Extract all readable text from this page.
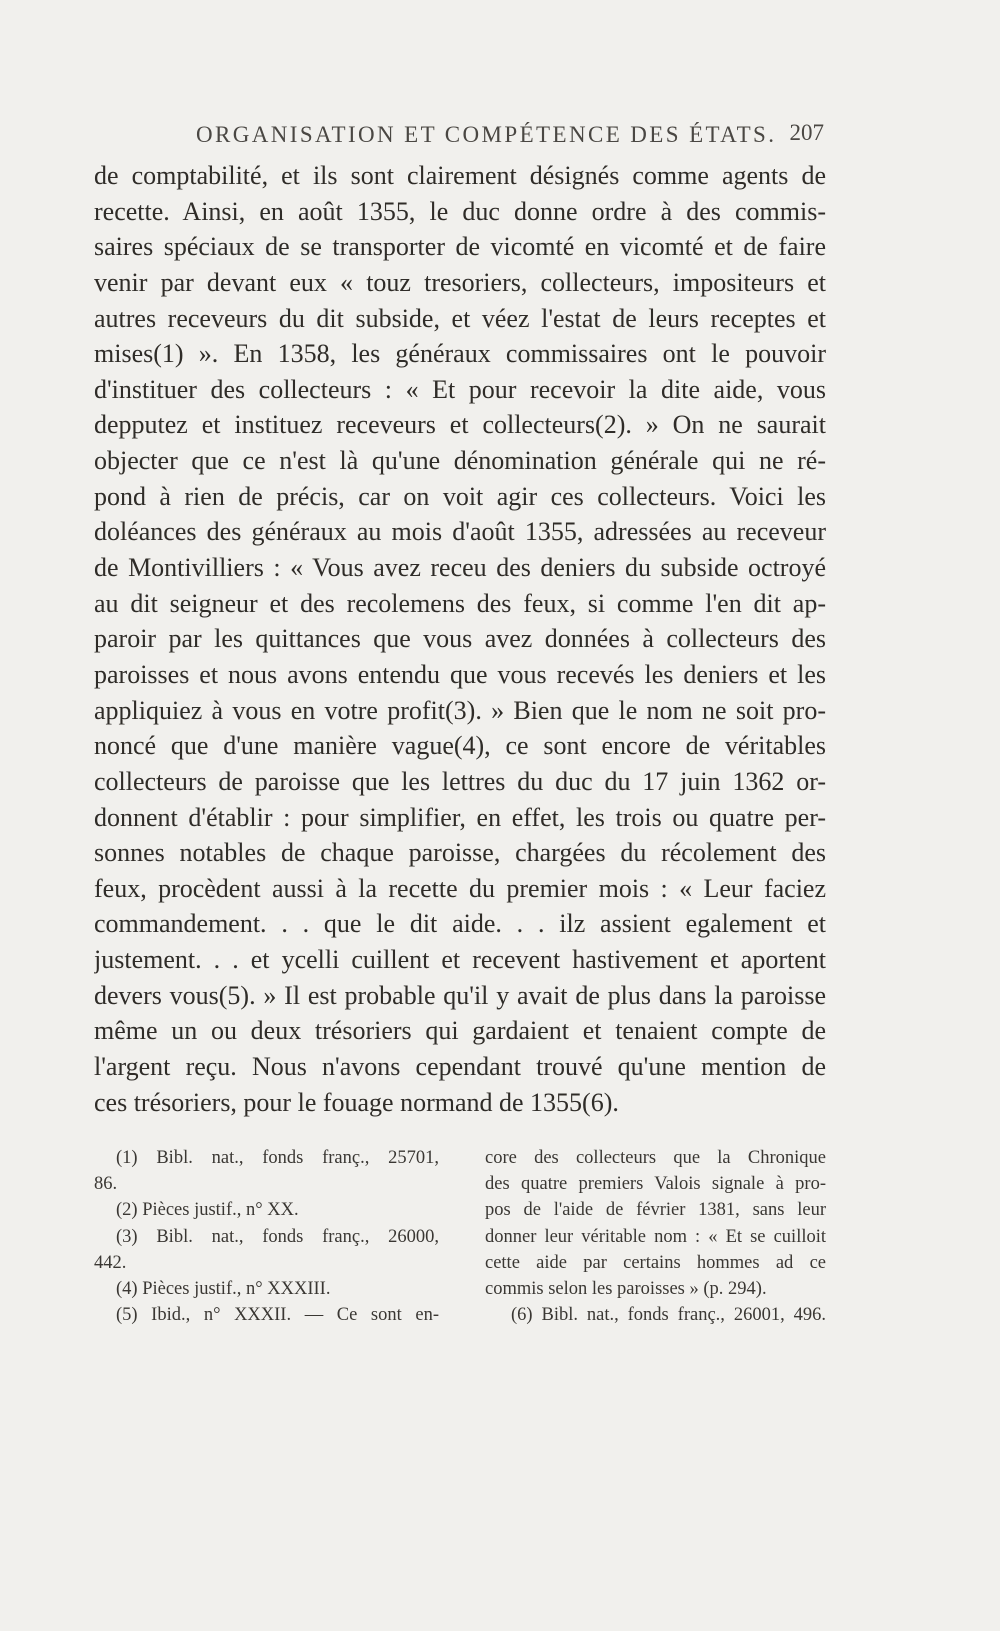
ORGANISATION ET COMPÉTENCE DES ÉTATS. 207
de comptabilité, et ils sont clairement désignés comme agents de
recette. Ainsi, en août 1355, le duc donne ordre à des commis-
saires spéciaux de se transporter de vicomté en vicomté et de faire
venir par devant eux « touz tresoriers, collecteurs, impositeurs et
autres receveurs du dit subside, et véez l'estat de leurs receptes et
mises(1) ». En 1358, les généraux commissaires ont le pouvoir
d'instituer des collecteurs : « Et pour recevoir la dite aide, vous
depputez et instituez receveurs et collecteurs(2). » On ne saurait
objecter que ce n'est là qu'une dénomination générale qui ne ré-
pond à rien de précis, car on voit agir ces collecteurs. Voici les
doléances des généraux au mois d'août 1355, adressées au receveur
de Montivilliers : « Vous avez receu des deniers du subside octroyé
au dit seigneur et des recolemens des feux, si comme l'en dit ap-
paroir par les quittances que vous avez données à collecteurs des
paroisses et nous avons entendu que vous recevés les deniers et les
appliquiez à vous en votre profit(3). » Bien que le nom ne soit pro-
noncé que d'une manière vague(4), ce sont encore de véritables
collecteurs de paroisse que les lettres du duc du 17 juin 1362 or-
donnent d'établir : pour simplifier, en effet, les trois ou quatre per-
sonnes notables de chaque paroisse, chargées du récolement des
feux, procèdent aussi à la recette du premier mois : « Leur faciez
commandement. . . que le dit aide. . . ilz assient egalement et
justement. . . et ycelli cuillent et recevent hastivement et aportent
devers vous(5). » Il est probable qu'il y avait de plus dans la paroisse
même un ou deux trésoriers qui gardaient et tenaient compte de
l'argent reçu. Nous n'avons cependant trouvé qu'une mention de
ces trésoriers, pour le fouage normand de 1355(6).
(1) Bibl. nat., fonds franç., 25701,
86.
(2) Pièces justif., n° XX.
(3) Bibl. nat., fonds franç., 26000,
442.
(4) Pièces justif., n° XXXIII.
(5) Ibid., n° XXXII. — Ce sont en-
core des collecteurs que la Chronique
des quatre premiers Valois signale à pro-
pos de l'aide de février 1381, sans leur
donner leur véritable nom : « Et se cuilloit
cette aide par certains hommes ad ce
commis selon les paroisses » (p. 294).
(6) Bibl. nat., fonds franç., 26001, 496.
